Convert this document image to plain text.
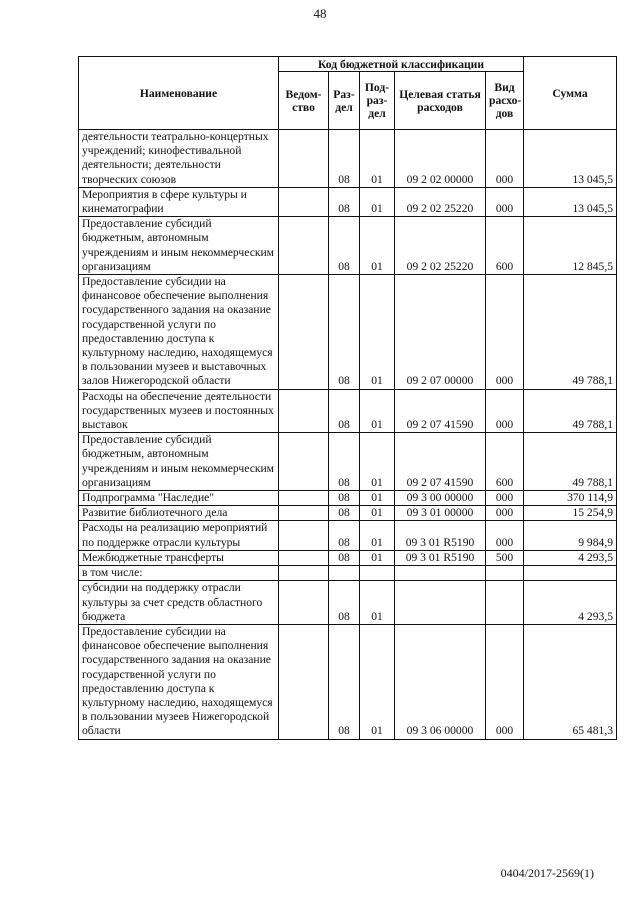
48
Наименование	Код бюджетной классификации					Сумма
	Ведом-ство	Раз-дел	Под-раз-дел	Целевая статья расходов	Вид расхо-дов	
деятельности театрально-концертных учреждений; кинофестивальной деятельности; деятельности творческих союзов		08	01	09 2 02 00000	000	13 045,5
Мероприятия в сфере культуры и кинематографии		08	01	09 2 02 25220	000	13 045,5
Предоставление субсидий бюджетным, автономным учреждениям и иным некоммерческим организациям		08	01	09 2 02 25220	600	12 845,5
Предоставление субсидии на финансовое обеспечение выполнения государственного задания на оказание государственной услуги по предоставлению доступа к культурному наследию, находящемуся в пользовании музеев и выставочных залов Нижегородской области		08	01	09 2 07 00000	000	49 788,1
Расходы на обеспечение деятельности государственных музеев и постоянных выставок		08	01	09 2 07 41590	000	49 788,1
Предоставление субсидий бюджетным, автономным учреждениям и иным некоммерческим организациям		08	01	09 2 07 41590	600	49 788,1
Подпрограмма "Наследие"		08	01	09 3 00 00000	000	370 114,9
Развитие библиотечного дела		08	01	09 3 01 00000	000	15 254,9
Расходы на реализацию мероприятий по поддержке отрасли культуры		08	01	09 3 01 R5190	000	9 984,9
Межбюджетные трансферты		08	01	09 3 01 R5190	500	4 293,5
в том числе:						
субсидии на поддержку отрасли культуры за счет средств областного бюджета		08	01			4 293,5
Предоставление субсидии на финансовое обеспечение выполнения государственного задания на оказание государственной услуги по предоставлению доступа к культурному наследию, находящемуся в пользовании музеев Нижегородской области		08	01	09 3 06 00000	000	65 481,3
0404/2017-2569(1)
